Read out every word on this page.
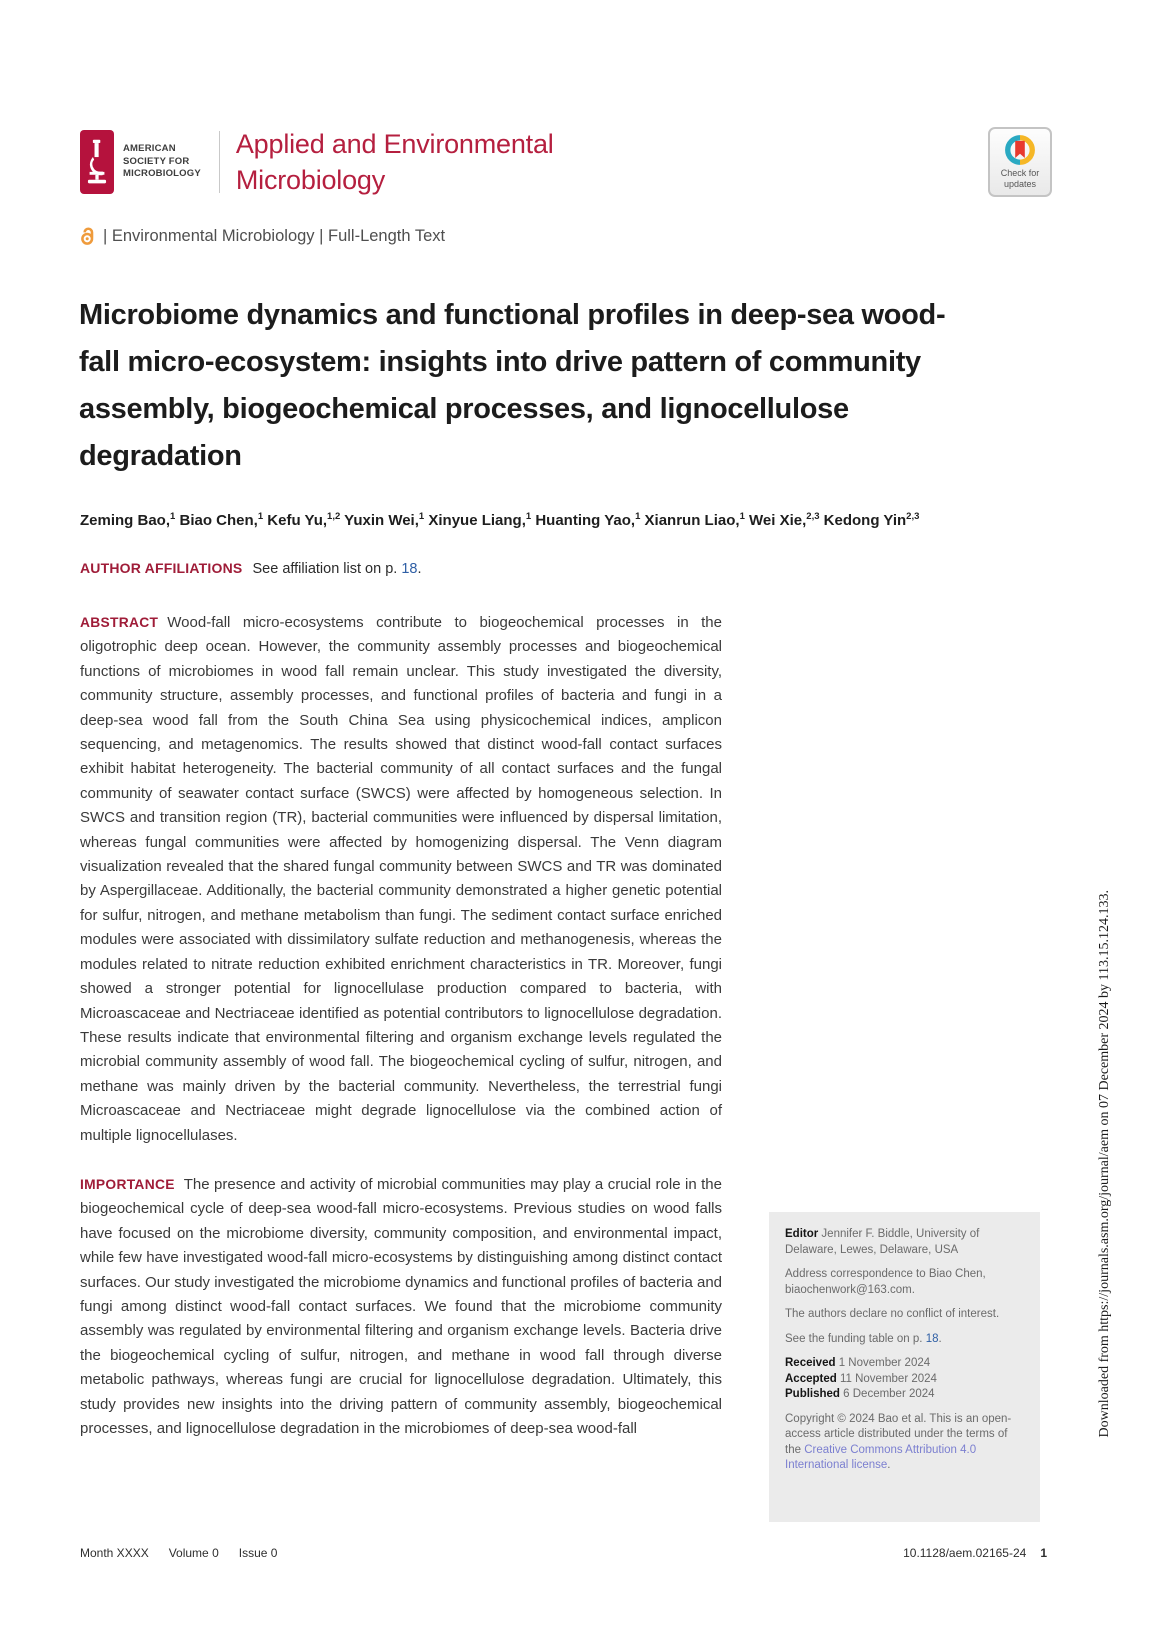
AMERICAN
SOCIETY FOR
MICROBIOLOGY
Applied and Environmental
Microbiology	Check for
updates
| Environmental Microbiology | Full-Length Text
Microbiome dynamics and functional profiles in deep-sea wood-fall micro-ecosystem: insights into drive pattern of community assembly, biogeochemical processes, and lignocellulose degradation
Zeming Bao,$^1$ Biao Chen,$^1$ Kefu Yu,$^{1,2}$ Yuxin Wei,$^1$ Xinyue Liang,$^1$ Huanting Yao,$^1$ Xianrun Liao,$^1$ Wei Xie,$^{2,3}$ Kedong Yin$^{2,3}$
AUTHOR AFFILIATIONS See affiliation list on p. 18.

ABSTRACT Wood-fall micro-ecosystems contribute to biogeochemical processes in the oligotrophic deep ocean. However, the community assembly processes and biogeochemical functions of microbiomes in wood fall remain unclear. This study investigated the diversity, community structure, assembly processes, and functional profiles of bacteria and fungi in a deep-sea wood fall from the South China Sea using physicochemical indices, amplicon sequencing, and metagenomics. The results showed that distinct wood-fall contact surfaces exhibit habitat heterogeneity. The bacterial community of all contact surfaces and the fungal community of seawater contact surface (SWCS) were affected by homogeneous selection. In SWCS and transition region (TR), bacterial communities were influenced by dispersal limitation, whereas fungal communities were affected by homogenizing dispersal. The Venn diagram visualization revealed that the shared fungal community between SWCS and TR was dominated by Aspergillaceae. Additionally, the bacterial community demonstrated a higher genetic potential for sulfur, nitrogen, and methane metabolism than fungi. The sediment contact surface enriched modules were associated with dissimilatory sulfate reduction and methanogenesis, whereas the modules related to nitrate reduction exhibited enrichment characteristics in TR. Moreover, fungi showed a stronger potential for lignocellulase production compared to bacteria, with Microascaceae and Nectriaceae identified as potential contributors to lignocellulose degradation. These results indicate that environmental filtering and organism exchange levels regulated the microbial community assembly of wood fall. The biogeochemical cycling of sulfur, nitrogen, and methane was mainly driven by the bacterial community. Nevertheless, the terrestrial fungi Microascaceae and Nectriaceae might degrade lignocellulose via the combined action of multiple lignocellulases.

IMPORTANCE The presence and activity of microbial communities may play a crucial role in the biogeochemical cycle of deep-sea wood-fall micro-ecosystems. Previous studies on wood falls have focused on the microbiome diversity, community composition, and environmental impact, while few have investigated wood-fall micro-ecosystems by distinguishing among distinct contact surfaces. Our study investigated the microbiome dynamics and functional profiles of bacteria and fungi among distinct wood-fall contact surfaces. We found that the microbiome community assembly was regulated by environmental filtering and organism exchange levels. Bacteria drive the biogeochemical cycling of sulfur, nitrogen, and methane in wood fall through diverse metabolic pathways, whereas fungi are crucial for lignocellulose degradation. Ultimately, this study provides new insights into the driving pattern of community assembly, biogeochemical processes, and lignocellulose degradation in the microbiomes of deep-sea wood-fall

Editor Jennifer F. Biddle, University of Delaware, Lewes, Delaware, USA

Address correspondence to Biao Chen, biaochenwork@163.com.

The authors declare no conflict of interest.

See the funding table on p. 18.

Received 1 November 2024
Accepted 11 November 2024
Published 6 December 2024

Copyright © 2024 Bao et al. This is an open-access article distributed under the terms of the Creative Commons Attribution 4.0 International license.

Month XXXX Volume 0 Issue 0	10.1128/aem.02165-24 1
Downloaded from https://journals.asm.org/journal/aem on 07 December 2024 by 113.15.124.133.
